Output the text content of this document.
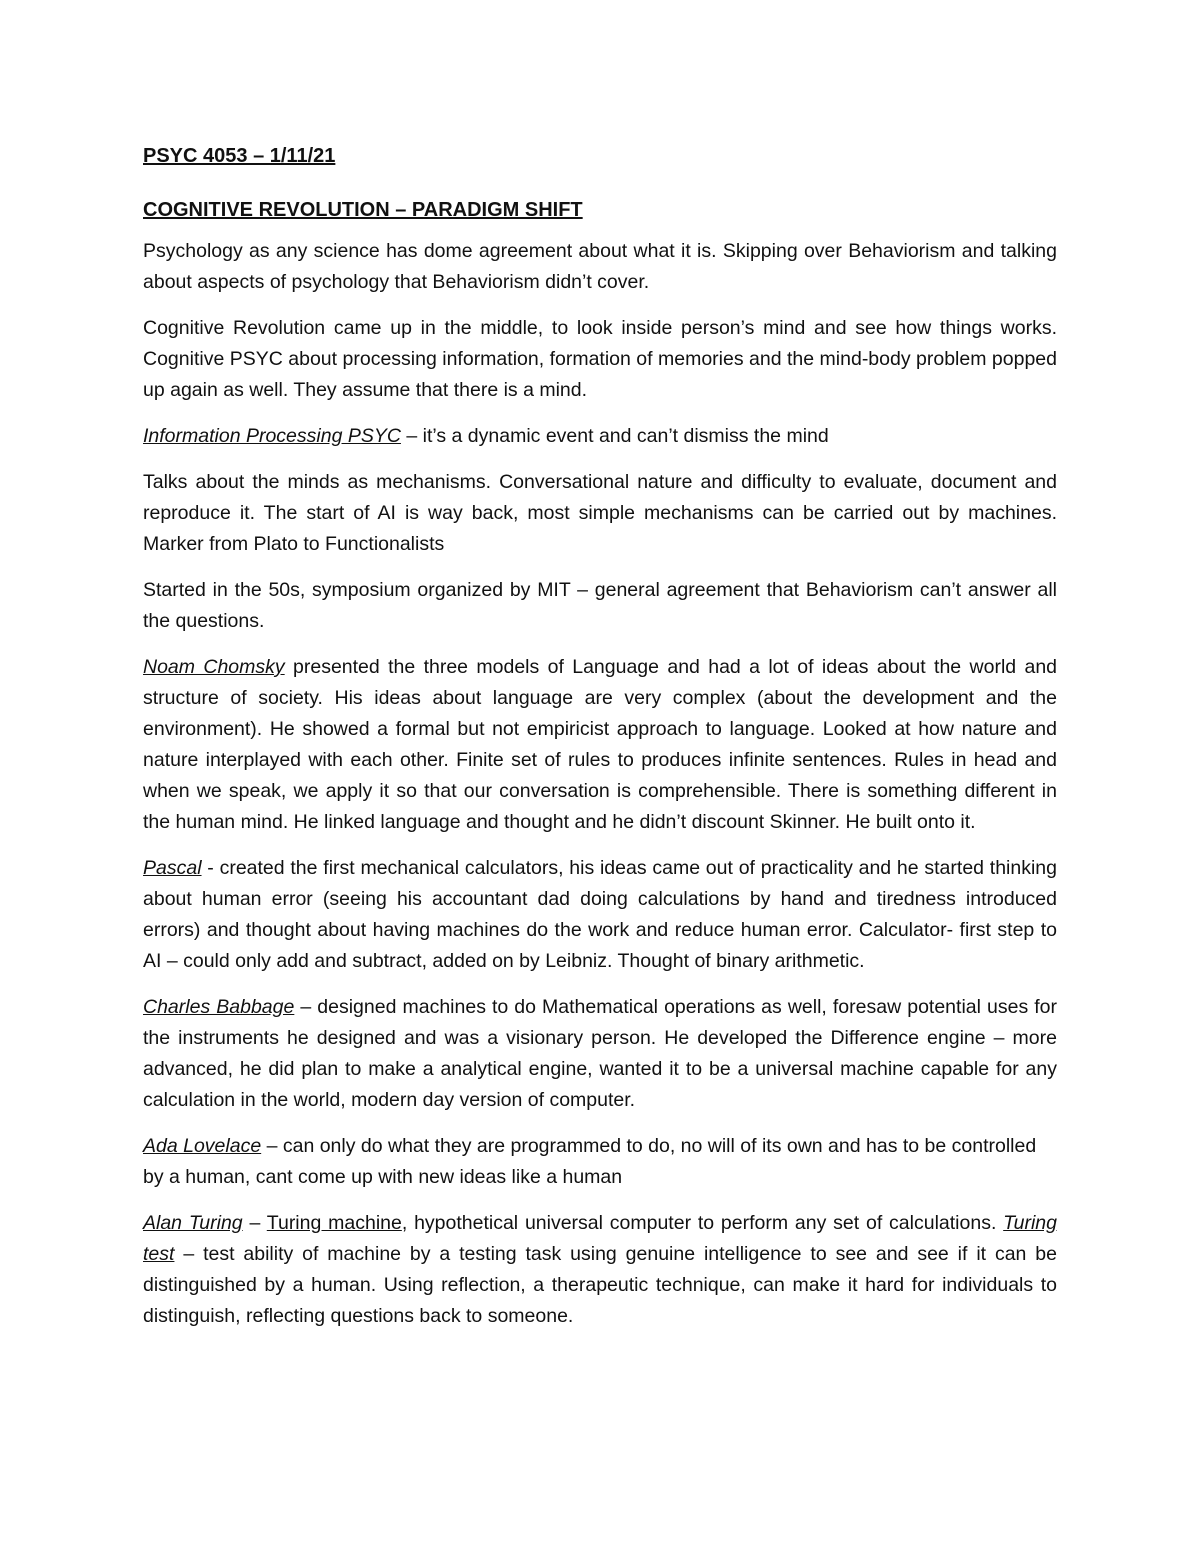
PSYC 4053 – 1/11/21
COGNITIVE REVOLUTION – PARADIGM SHIFT

Psychology as any science has dome agreement about what it is. Skipping over Behaviorism and talking about aspects of psychology that Behaviorism didn’t cover.

Cognitive Revolution came up in the middle, to look inside person’s mind and see how things works. Cognitive PSYC about processing information, formation of memories and the mind-body problem popped up again as well. They assume that there is a mind.

Information Processing PSYC – it’s a dynamic event and can’t dismiss the mind

Talks about the minds as mechanisms. Conversational nature and difficulty to evaluate, document and reproduce it. The start of AI is way back, most simple mechanisms can be carried out by machines. Marker from Plato to Functionalists

Started in the 50s, symposium organized by MIT – general agreement that Behaviorism can’t answer all the questions.

Noam Chomsky presented the three models of Language and had a lot of ideas about the world and structure of society. His ideas about language are very complex (about the development and the environment). He showed a formal but not empiricist approach to language. Looked at how nature and nature interplayed with each other. Finite set of rules to produces infinite sentences. Rules in head and when we speak, we apply it so that our conversation is comprehensible. There is something different in the human mind. He linked language and thought and he didn’t discount Skinner. He built onto it.

Pascal - created the first mechanical calculators, his ideas came out of practicality and he started thinking about human error (seeing his accountant dad doing calculations by hand and tiredness introduced errors) and thought about having machines do the work and reduce human error. Calculator- first step to AI – could only add and subtract, added on by Leibniz. Thought of binary arithmetic.

Charles Babbage – designed machines to do Mathematical operations as well, foresaw potential uses for the instruments he designed and was a visionary person. He developed the Difference engine – more advanced, he did plan to make a analytical engine, wanted it to be a universal machine capable for any calculation in the world, modern day version of computer.

Ada Lovelace – can only do what they are programmed to do, no will of its own and has to be controlled by a human, cant come up with new ideas like a human

Alan Turing – Turing machine, hypothetical universal computer to perform any set of calculations. Turing test – test ability of machine by a testing task using genuine intelligence to see and see if it can be distinguished by a human. Using reflection, a therapeutic technique, can make it hard for individuals to distinguish, reflecting questions back to someone.
